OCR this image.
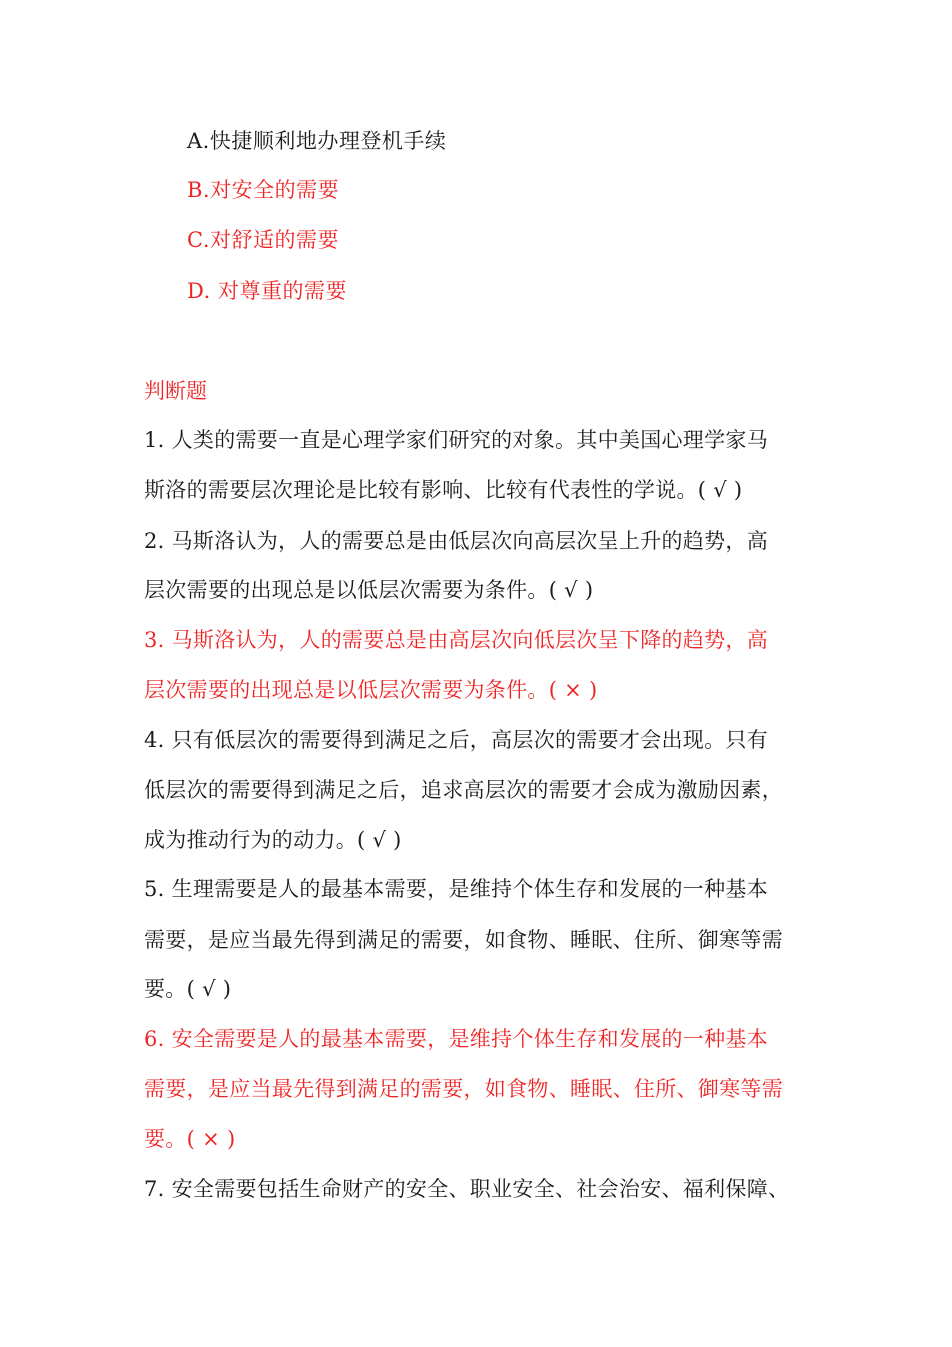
A.快捷顺利地办理登机手续
B.对安全的需要
C.对舒适的需要
D. 对尊重的需要
判断题
1. 人类的需要一直是心理学家们研究的对象。其中美国心理学家马
斯洛的需要层次理论是比较有影响、比较有代表性的学说。( √ )
2. 马斯洛认为，人的需要总是由低层次向高层次呈上升的趋势，高
层次需要的出现总是以低层次需要为条件。( √ )
3. 马斯洛认为，人的需要总是由高层次向低层次呈下降的趋势，高
层次需要的出现总是以低层次需要为条件。( × )
4. 只有低层次的需要得到满足之后，高层次的需要才会出现。只有
低层次的需要得到满足之后，追求高层次的需要才会成为激励因素，
成为推动行为的动力。( √ )
5. 生理需要是人的最基本需要，是维持个体生存和发展的一种基本
需要，是应当最先得到满足的需要，如食物、睡眠、住所、御寒等需
要。( √ )
6. 安全需要是人的最基本需要，是维持个体生存和发展的一种基本
需要，是应当最先得到满足的需要，如食物、睡眠、住所、御寒等需
要。( × )
7. 安全需要包括生命财产的安全、职业安全、社会治安、福利保障、
